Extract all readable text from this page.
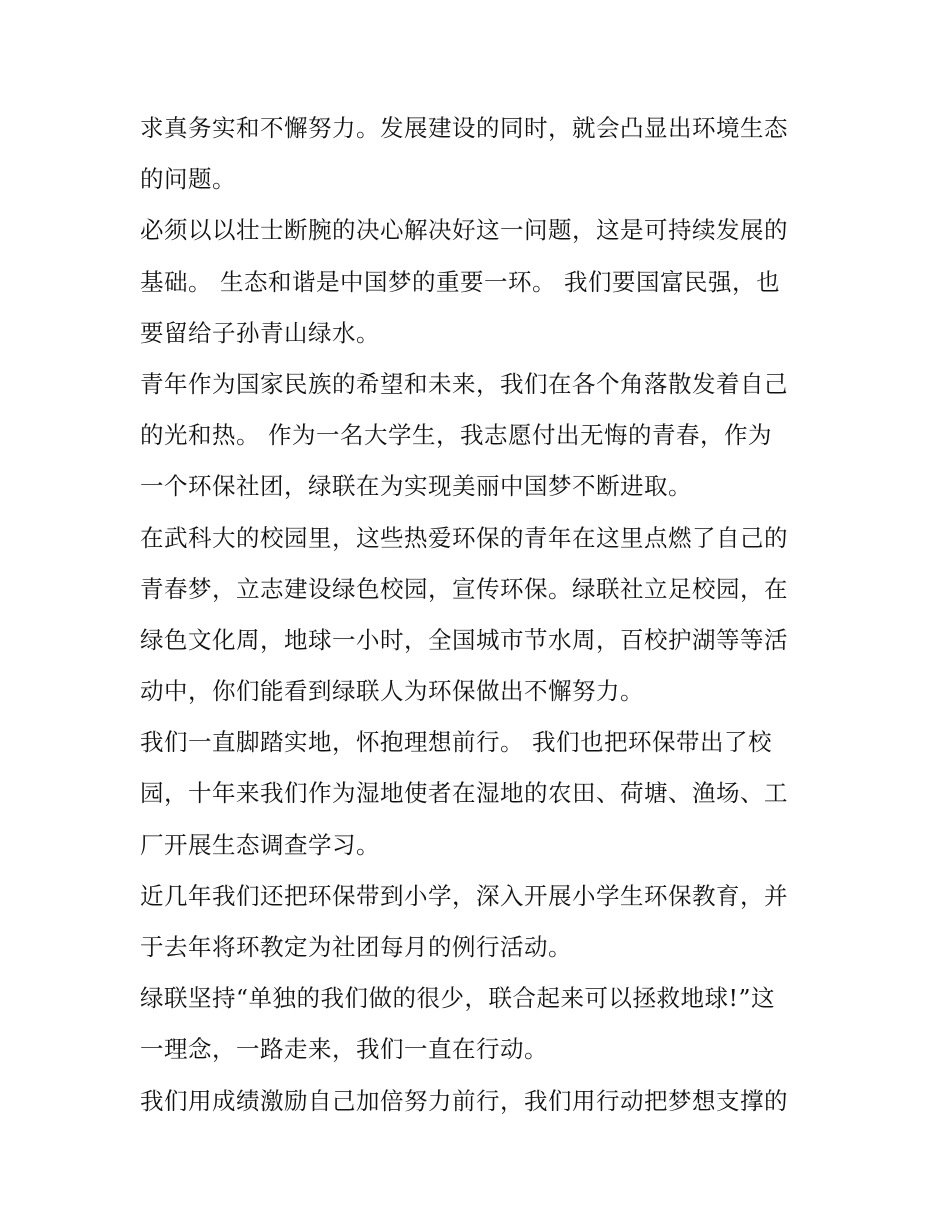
求真务实和不懈努力。发展建设的同时，就会凸显出环境生态
的问题。
必须以以壮士断腕的决心解决好这一问题，这是可持续发展的
基础。 生态和谐是中国梦的重要一环。 我们要国富民强，也
要留给子孙青山绿水。
青年作为国家民族的希望和未来，我们在各个角落散发着自己
的光和热。 作为一名大学生，我志愿付出无悔的青春，作为
一个环保社团，绿联在为实现美丽中国梦不断进取。
在武科大的校园里，这些热爱环保的青年在这里点燃了自己的
青春梦，立志建设绿色校园，宣传环保。绿联社立足校园，在
绿色文化周，地球一小时，全国城市节水周，百校护湖等等活
动中，你们能看到绿联人为环保做出不懈努力。
我们一直脚踏实地，怀抱理想前行。 我们也把环保带出了校
园，十年来我们作为湿地使者在湿地的农田、荷塘、渔场、工
厂开展生态调查学习。
近几年我们还把环保带到小学，深入开展小学生环保教育，并
于去年将环教定为社团每月的例行活动。
绿联坚持“单独的我们做的很少，联合起来可以拯救地球!”这
一理念，一路走来，我们一直在行动。
我们用成绩激励自己加倍努力前行，我们用行动把梦想支撑的
